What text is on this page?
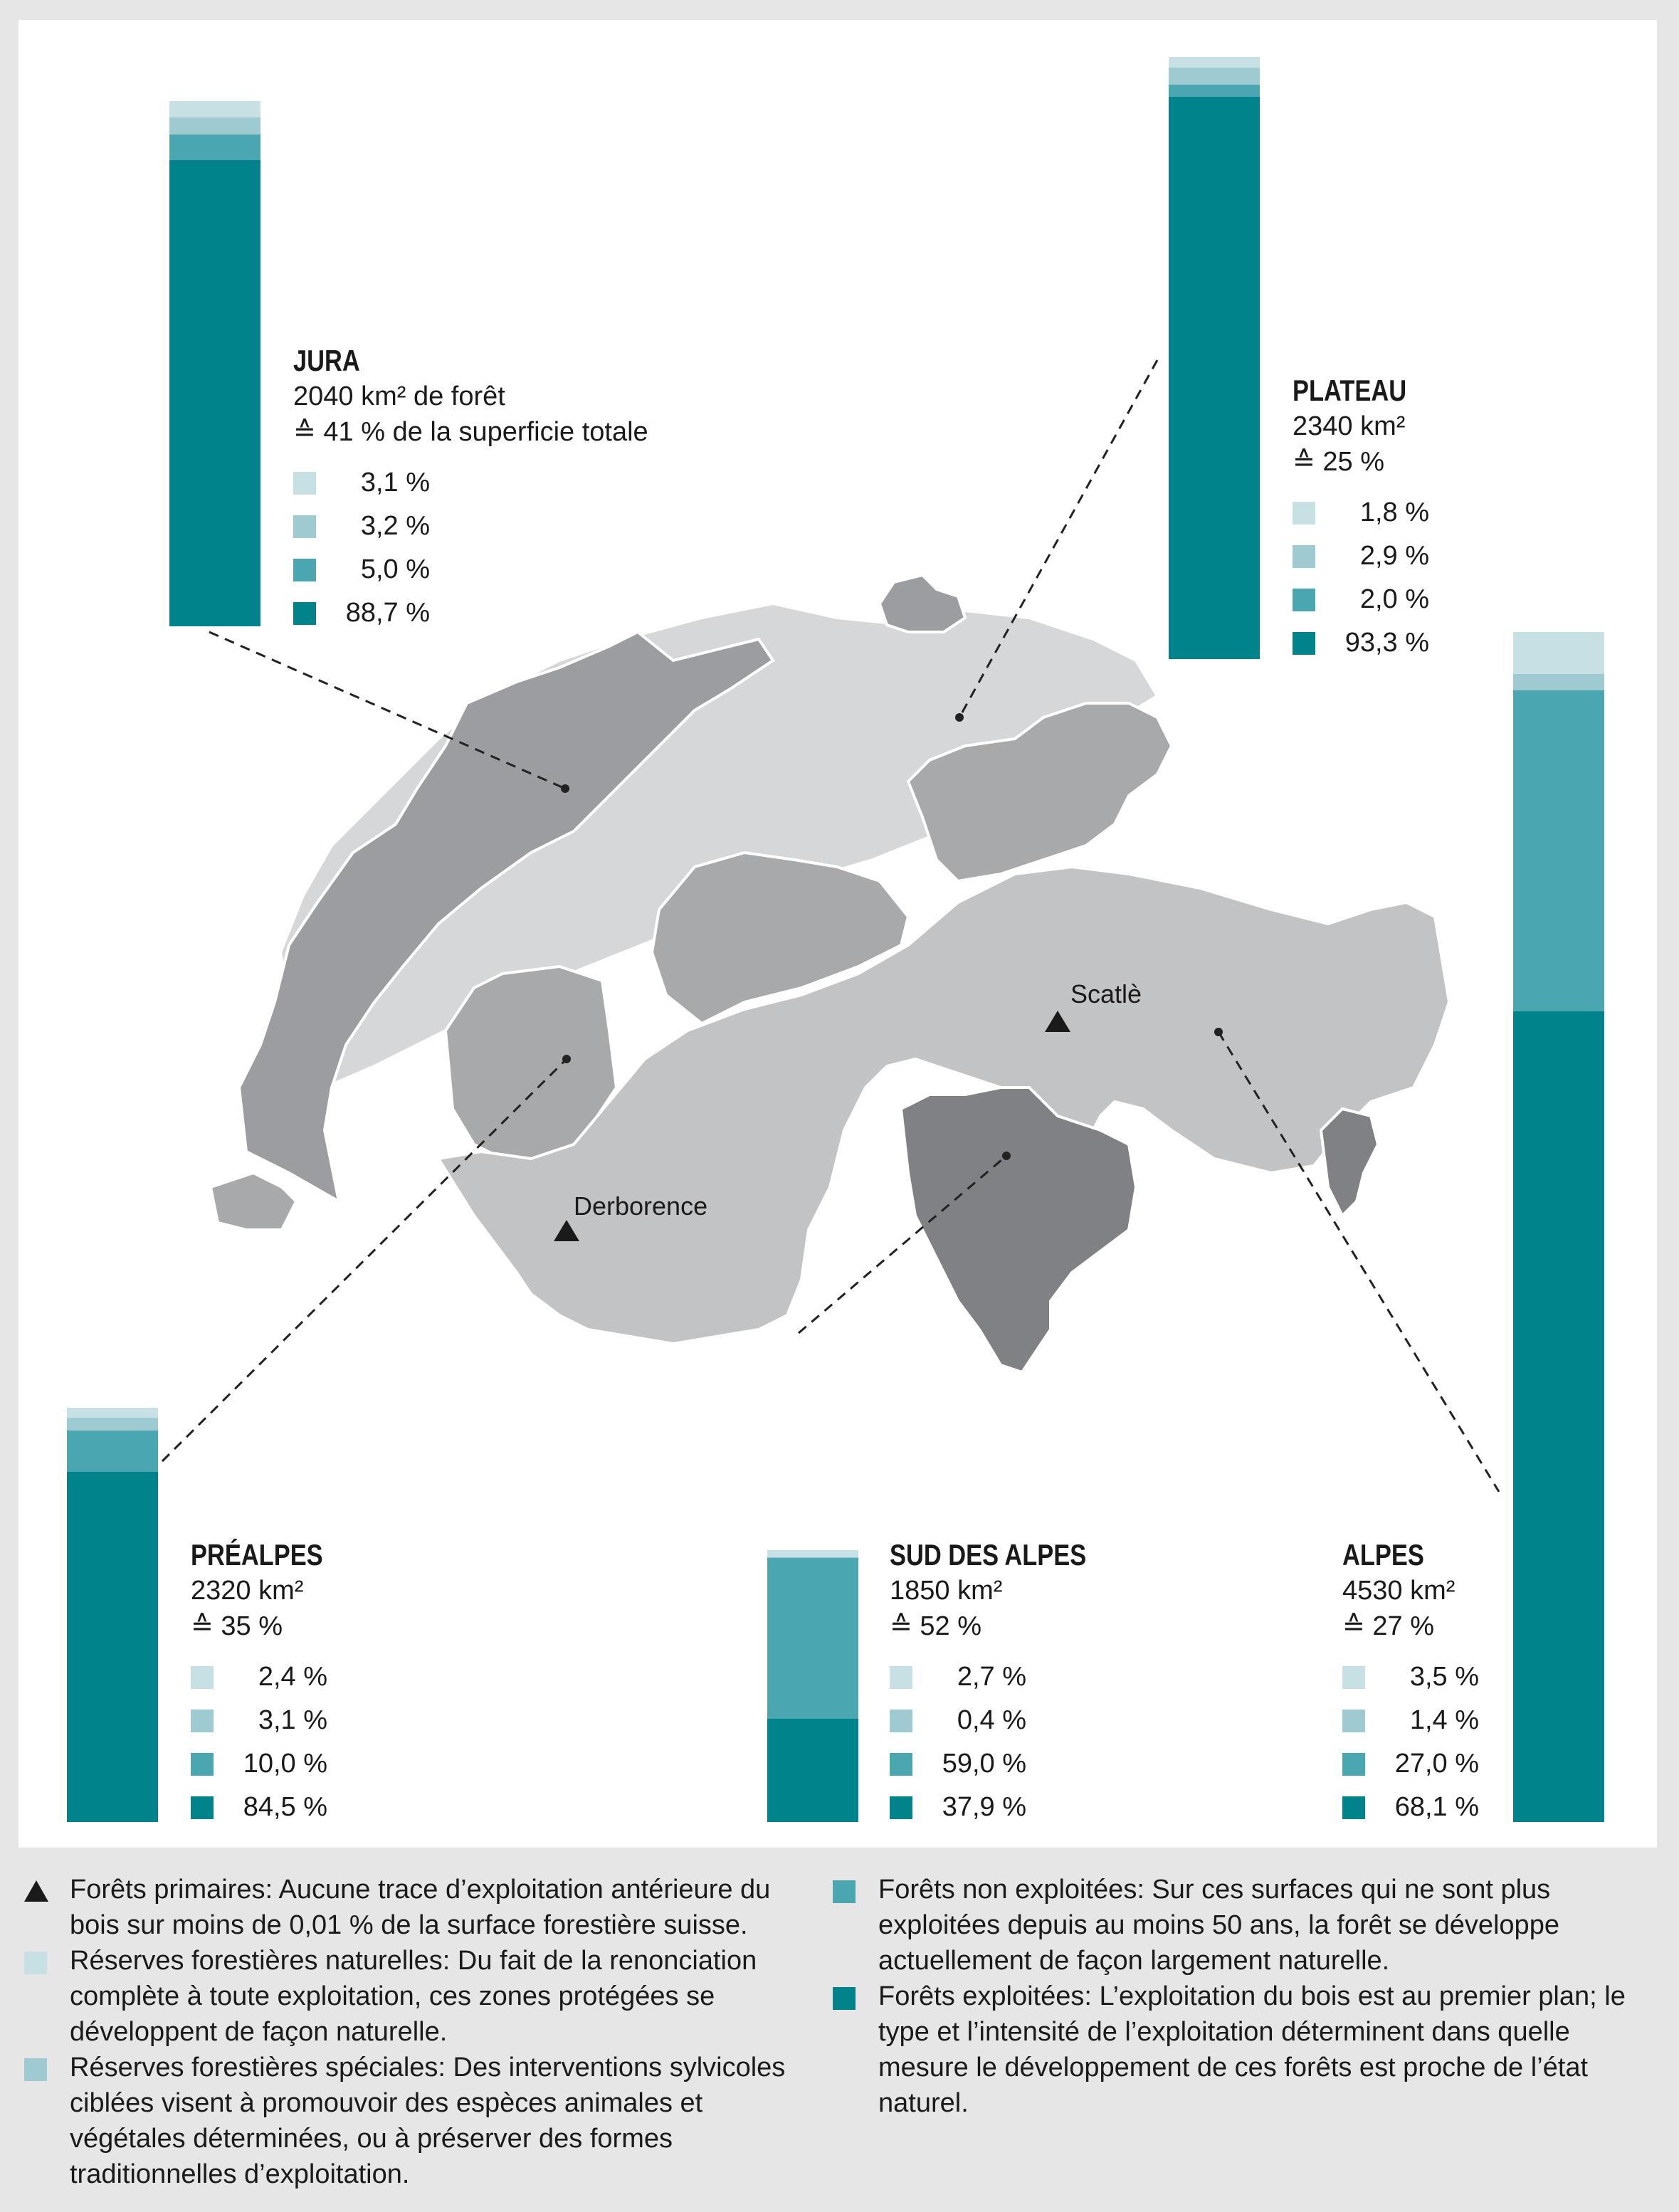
Scatlè
Derborence
JURA
2040 km² de forêt
≙ 41 % de la superficie totale
3,1 %
3,2 %
5,0 %
88,7 %
PLATEAU
2340 km²
≙ 25 %
1,8 %
2,9 %
2,0 %
93,3 %
PRÉALPES
2320 km²
≙ 35 %
2,4 %
3,1 %
10,0 %
84,5 %
SUD DES ALPES
1850 km²
≙ 52 %
2,7 %
0,4 %
59,0 %
37,9 %
ALPES
4530 km²
≙ 27 %
3,5 %
1,4 %
27,0 %
68,1 %
Forêts primaires: Aucune trace d’exploitation antérieure du bois sur moins de 0,01 % de la surface forestière suisse.
Réserves forestières naturelles: Du fait de la renonciation complète à toute exploitation, ces zones protégées se développent de façon naturelle.
Réserves forestières spéciales: Des interventions sylvicoles ciblées visent à promouvoir des espèces animales et végétales déterminées, ou à préserver des formes traditionnelles d’exploitation.
Forêts non exploitées: Sur ces surfaces qui ne sont plus exploitées depuis au moins 50 ans, la forêt se développe actuellement de façon largement naturelle.
Forêts exploitées: L’exploitation du bois est au premier plan; le type et l’intensité de l’exploitation déterminent dans quelle mesure le développement de ces forêts est proche de l’état naturel.
